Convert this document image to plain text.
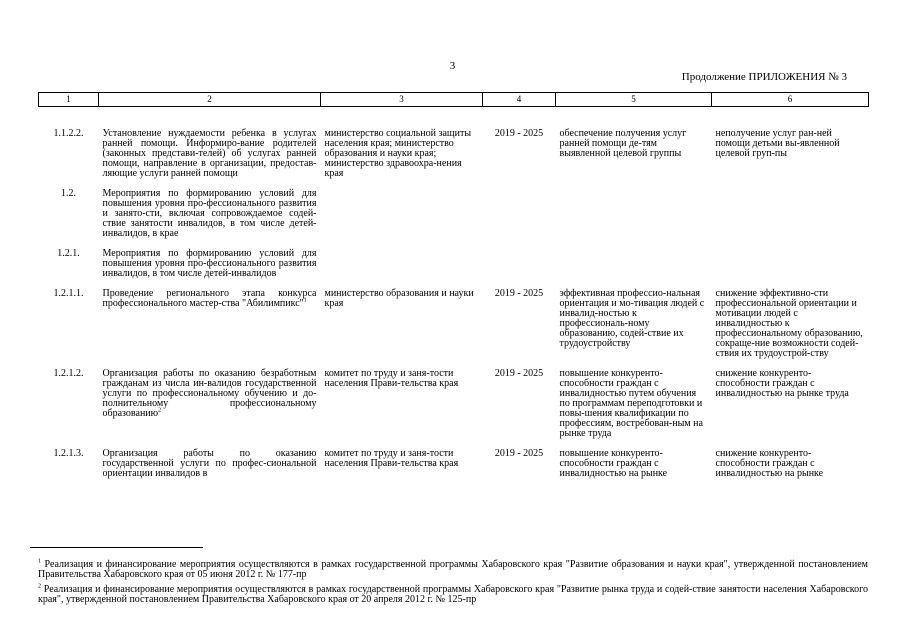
3
Продолжение ПРИЛОЖЕНИЯ № 3
1	2	3	4	5	6
1.1.2.2.	Установление нуждаемости ребенка в услугах ранней помощи. Информиро-вание родителей (законных представи-телей) об услугах ранней помощи, направление в организации, предостав-ляющие услуги ранней помощи	министерство социальной защиты населения края; министерство образования и науки края; министерство здравоохра-нения края	2019 - 2025	обеспечение получения услуг ранней помощи де-тям выявленной целевой группы	неполучение услуг ран-ней помощи детьми вы-явленной целевой груп-пы
1.2.	Мероприятия по формированию условий для повышения уровня про-фессионального развития и занято-сти, включая сопровождаемое содей-ствие занятости инвалидов, в том числе детей-инвалидов, в крае				
1.2.1.	Мероприятия по формированию условий для повышения уровня про-фессионального развития инвалидов, в том числе детей-инвалидов				
1.2.1.1.	Проведение регионального этапа конкурса профессионального мастер-ства "Абилимпикс"$^1$	министерство образования и науки края	2019 - 2025	эффективная профессио-нальная ориентация и мо-тивация людей с инвалид-ностью к профессиональ-ному образованию, содей-ствие их трудоустройству	снижение эффективно-сти профессиональной ориентации и мотивации людей с инвалидностью к профессиональному образованию, сокраще-ние возможности содей-ствия их трудоустрой-ству
1.2.1.2.	Организация работы по оказанию безработным гражданам из числа ин-валидов государственной услуги по профессиональному обучению и до-полнительному профессиональному образованию$^2$	комитет по труду и заня-тости населения Прави-тельства края	2019 - 2025	повышение конкуренто-способности граждан с инвалидностью путем обучения по программам переподготовки и повы-шения квалификации по профессиям, востребован-ным на рынке труда	снижение конкуренто-способности граждан с инвалидностью на рынке труда
1.2.1.3.	Организация работы по оказанию государственной услуги по профес-сиональной ориентации инвалидов в	комитет по труду и заня-тости населения Прави-тельства края	2019 - 2025	повышение конкуренто-способности граждан с инвалидностью на рынке	снижение конкуренто-способности граждан с инвалидностью на рынке
$^1$ Реализация и финансирование мероприятия осуществляются в рамках государственной программы Хабаровского края "Развитие образования и науки края", утвержденной постановлением Правительства Хабаровского края от 05 июня 2012 г. № 177-пр
$^2$ Реализация и финансирование мероприятия осуществляются в рамках государственной программы Хабаровского края "Развитие рынка труда и содей-ствие занятости населения Хабаровского края", утвержденной постановлением Правительства Хабаровского края от 20 апреля 2012 г. № 125-пр
